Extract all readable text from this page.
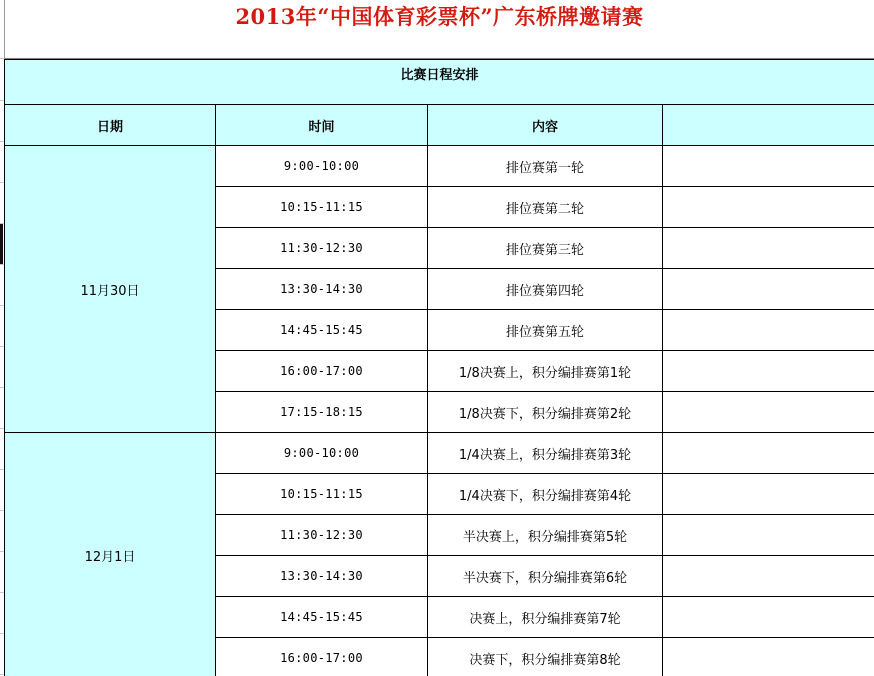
2013年“中国体育彩票杯”广东桥牌邀请赛
比赛日程安排			
日期	时间	内容	
11月30日	9:00-10:00	排位赛第一轮	
	10:15-11:15	排位赛第二轮	
	11:30-12:30	排位赛第三轮	
	13:30-14:30	排位赛第四轮	
	14:45-15:45	排位赛第五轮	
	16:00-17:00	1/8决赛上，积分编排赛第1轮	
	17:15-18:15	1/8决赛下，积分编排赛第2轮	
12月1日	9:00-10:00	1/4决赛上，积分编排赛第3轮	
	10:15-11:15	1/4决赛下，积分编排赛第4轮	
	11:30-12:30	半决赛上，积分编排赛第5轮	
	13:30-14:30	半决赛下，积分编排赛第6轮	
	14:45-15:45	决赛上，积分编排赛第7轮	
	16:00-17:00	决赛下，积分编排赛第8轮	
